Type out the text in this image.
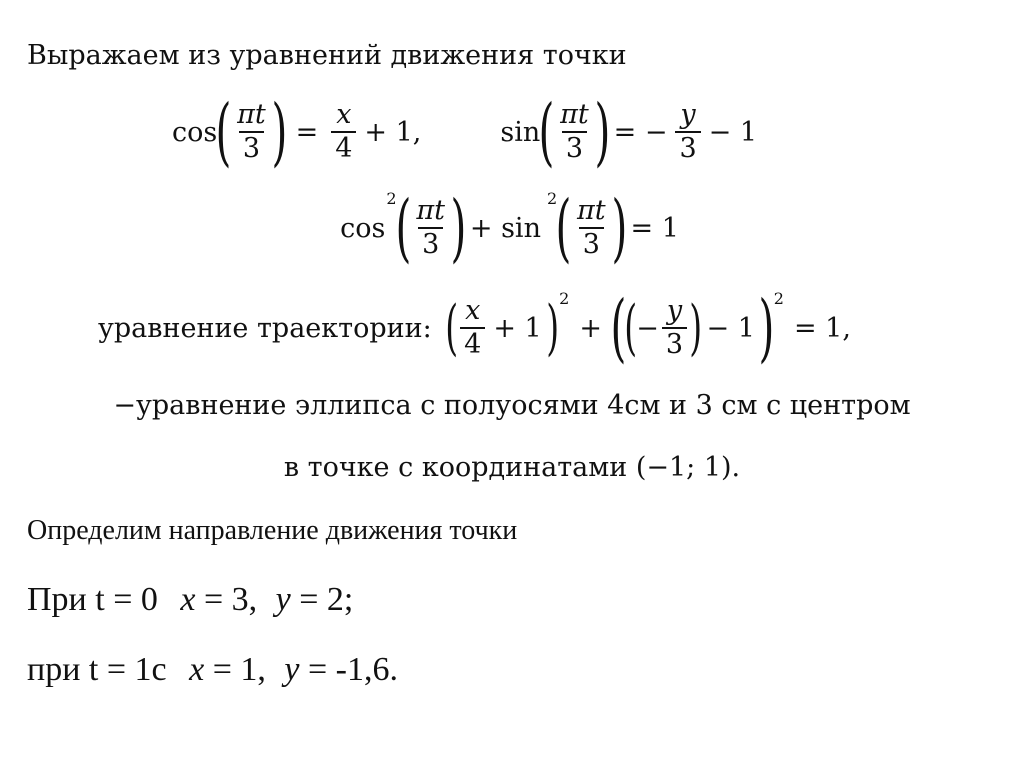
Выражаем из уравнений движения точки
cos
( $\frac{\pi t}{3}$ ) = $\frac{x}{4} + 1$,	sin
( $\frac{\pi t}{3}$ ) = − $\frac{y}{3} - 1$
cos
2
( $\frac{\pi t}{3}$ ) + sin
2
( $\frac{\pi t}{3}$ ) = 1
уравнение траектории: ( $\frac{x}{4} + 1$ ) 2
+ (
( − $\frac{y}{3}$ ) − 1 ) 2
= 1,
−уравнение эллипса с полуосями 4см и 3 см с центром
в точке с координатами (−1; 1).
Определим направление движения точки
При t = 0 x = 3, y = 2;
при t = 1с x = 1, y = -1,6.
